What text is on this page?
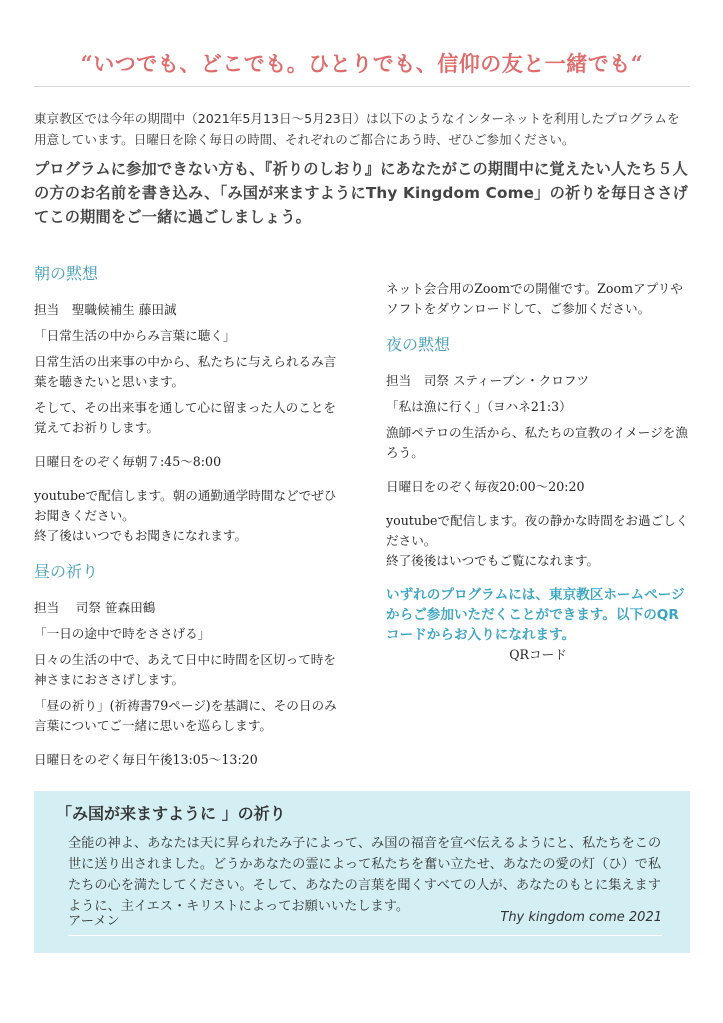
“いつでも、どこでも。ひとりでも、信仰の友と一緒でも“

東京教区では今年の期間中（2021年5月13日〜5月23日）は以下のようなインターネットを利用したプログラムを用意しています。日曜日を除く毎日の時間、それぞれのご都合にあう時、ぜひご参加ください。

プログラムに参加できない方も、『祈りのしおり』にあなたがこの期間中に覚えたい人たち５人の方のお名前を書き込み、「み国が来ますようにThy Kingdom Come」の祈りを毎日ささげてこの期間をご一緒に過ごしましょう。

朝の黙想

担当　聖職候補生 藤田誠

「日常生活の中からみ言葉に聴く」

日常生活の出来事の中から、私たちに与えられるみ言葉を聴きたいと思います。

そして、その出来事を通して心に留まった人のことを覚えてお祈りします。

日曜日をのぞく毎朝７:45〜8:00

youtubeで配信します。朝の通勤通学時間などでぜひお聞きください。

終了後はいつでもお聞きになれます。

昼の祈り

担当　 司祭 笹森田鶴

「一日の途中で時をささげる」

日々の生活の中で、あえて日中に時間を区切って時を神さまにおささげします。

「昼の祈り」(祈祷書79ページ)を基調に、その日のみ言葉についてご一緒に思いを巡らします。

日曜日をのぞく毎日午後13:05〜13:20

ネット会合用のZoomでの開催です。Zoomアプリやソフトをダウンロードして、ご参加ください。

夜の黙想

担当　司祭 スティーブン・クロフツ

「私は漁に行く」（ヨハネ21:3）

漁師ペテロの生活から、私たちの宣教のイメージを漁ろう。

日曜日をのぞく毎夜20:00〜20:20

youtubeで配信します。夜の静かな時間をお過ごしください。

終了後後はいつでもご覧になれます。

いずれのプログラムには、東京教区ホームページからご参加いただくことができます。以下のQRコードからお入りになれます。

QRコード

「み国が来ますように 」の祈り

全能の神よ、あなたは天に昇られたみ子によって、み国の福音を宣べ伝えるようにと、私たちをこの世に送り出されました。どうかあなたの霊によって私たちを奮い立たせ、あなたの愛の灯（ひ）で私たちの心を満たしてください。そして、あなたの言葉を聞くすべての人が、あなたのもとに集えますように、主イエス・キリストによってお願いいたします。

アーメン	Thy kingdom come 2021
